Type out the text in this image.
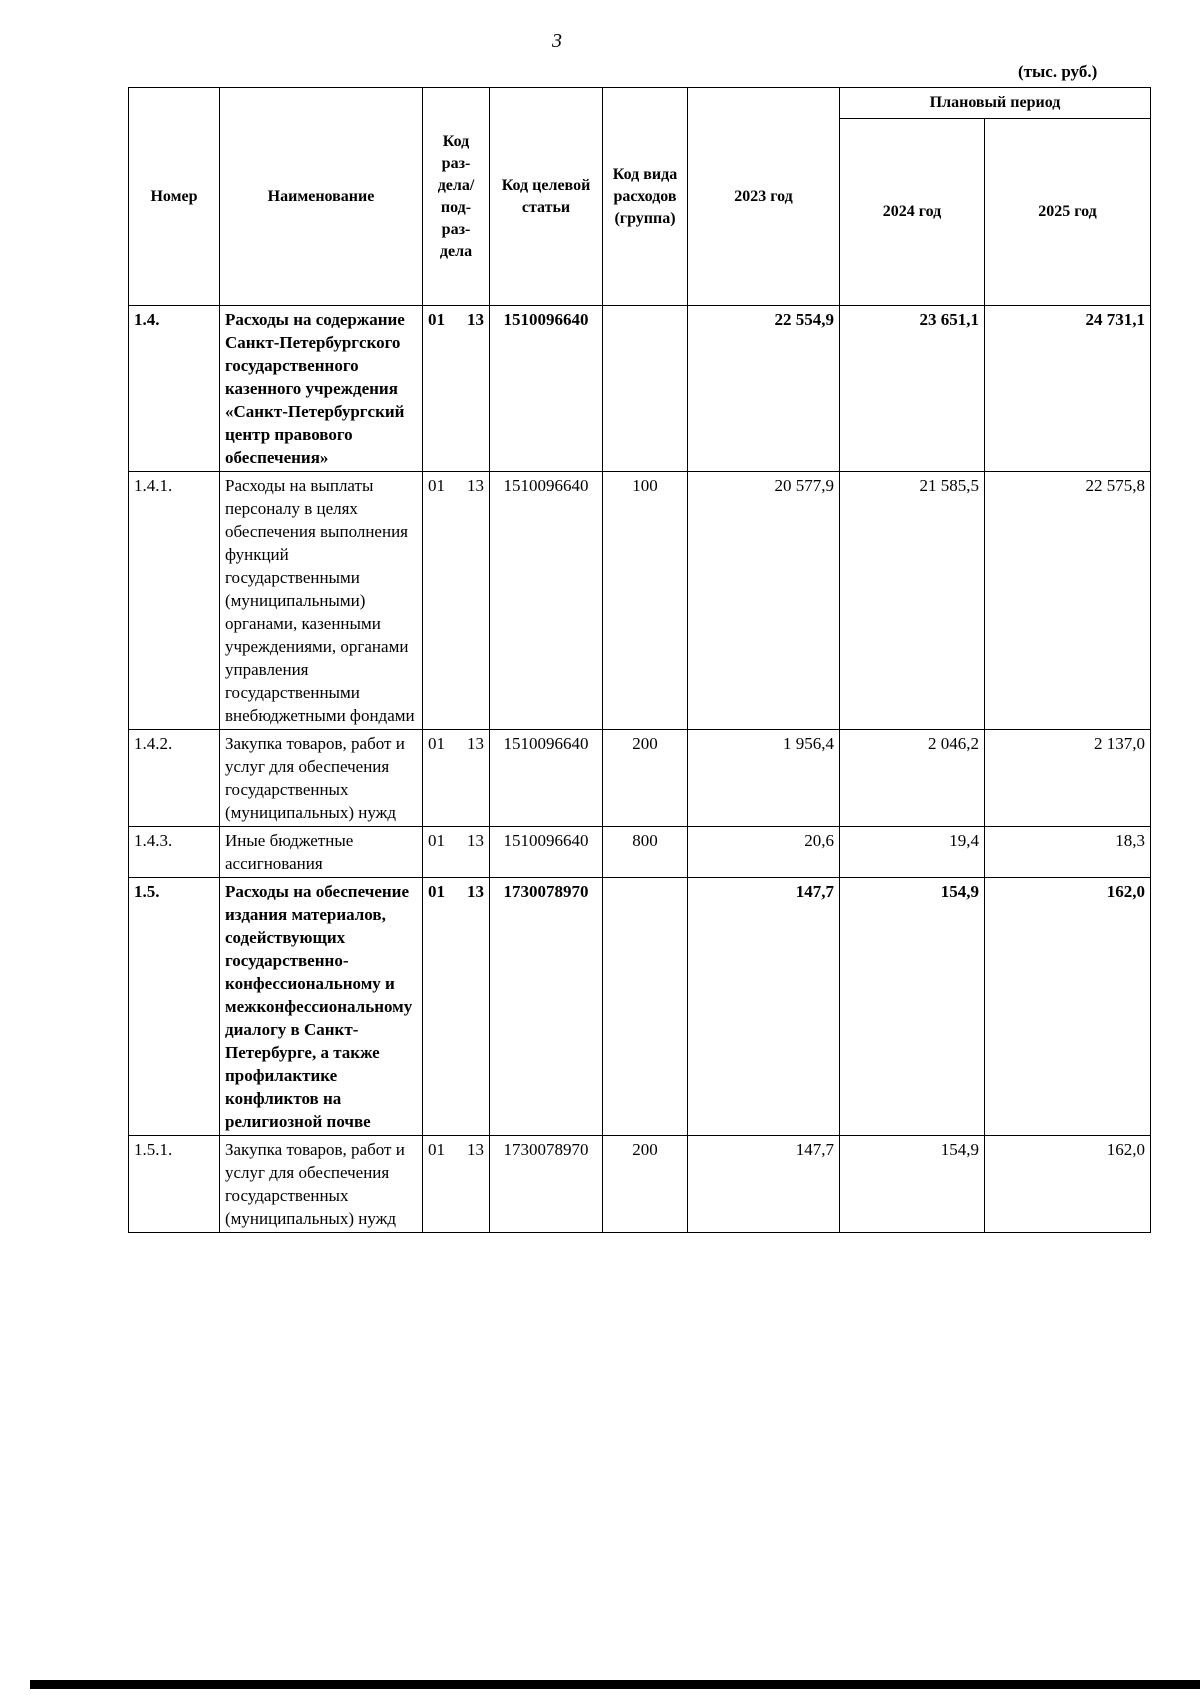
3
(тыс. руб.)
Номер	Наименование	Код раз-дела/ под-раз-дела	Код целевой статьи	Код вида расходов (группа)	2023 год	Плановый период	
						2024 год	2025 год
1.4.	Расходы на содержание Санкт-Петербургского государственного казенного учреждения «Санкт-Петербургский центр правового обеспечения»	01 13	1510096640		22 554,9	23 651,1	24 731,1
1.4.1.	Расходы на выплаты персоналу в целях обеспечения выполнения функций государственными (муниципальными) органами, казенными учреждениями, органами управления государственными внебюджетными фондами	01 13	1510096640	100	20 577,9	21 585,5	22 575,8
1.4.2.	Закупка товаров, работ и услуг для обеспечения государственных (муниципальных) нужд	01 13	1510096640	200	1 956,4	2 046,2	2 137,0
1.4.3.	Иные бюджетные ассигнования	01 13	1510096640	800	20,6	19,4	18,3
1.5.	Расходы на обеспечение издания материалов, содействующих государственно-конфессиональному и межконфессиональному диалогу в Санкт-Петербурге, а также профилактике конфликтов на религиозной почве	01 13	1730078970		147,7	154,9	162,0
1.5.1.	Закупка товаров, работ и услуг для обеспечения государственных (муниципальных) нужд	01 13	1730078970	200	147,7	154,9	162,0
